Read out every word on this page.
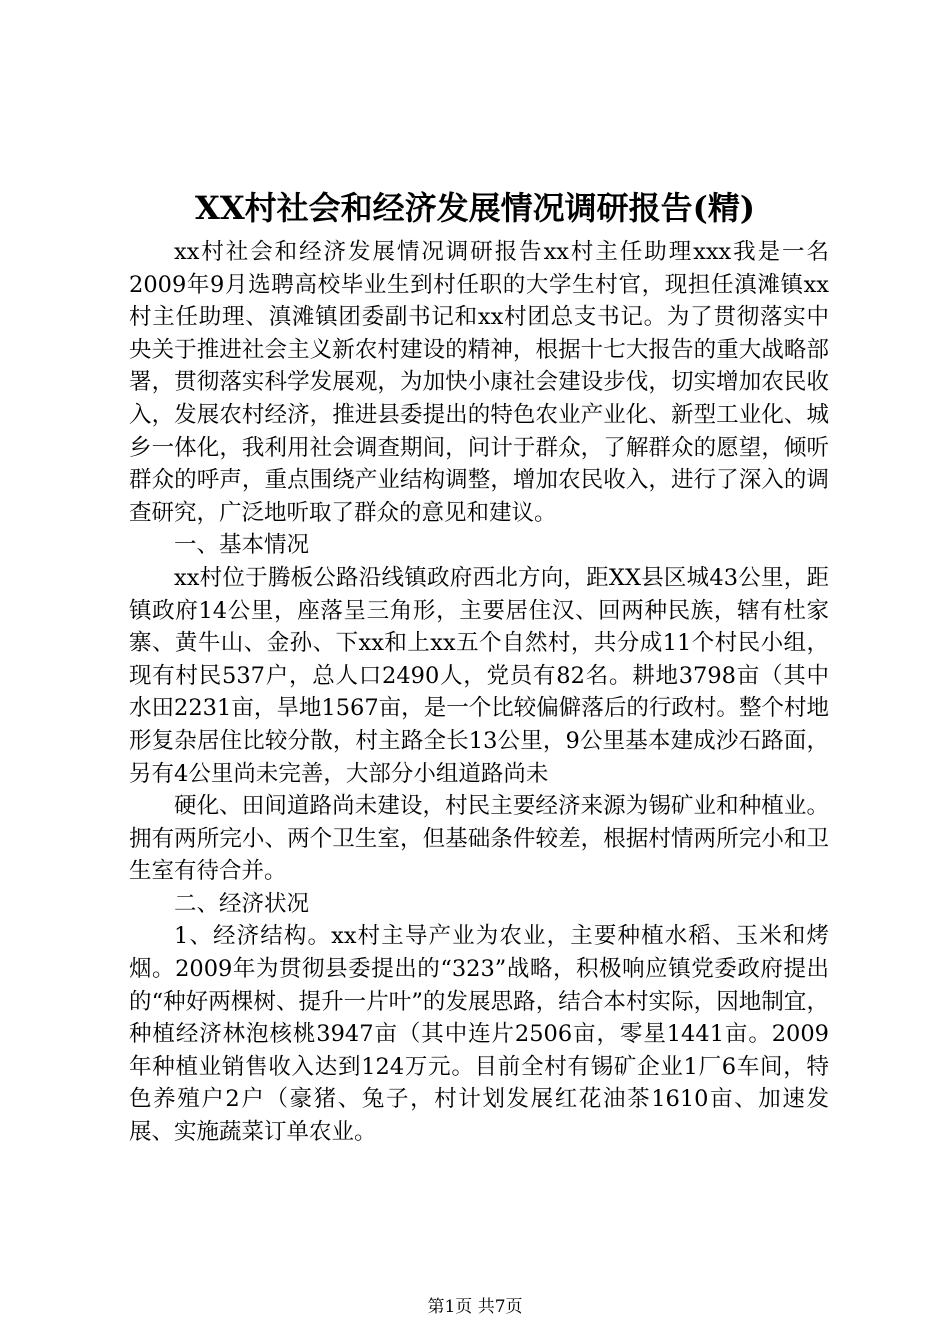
XX村社会和经济发展情况调研报告(精)

xx村社会和经济发展情况调研报告xx村主任助理xxx我是一名2009年9月选聘高校毕业生到村任职的大学生村官，现担任滇滩镇xx村主任助理、滇滩镇团委副书记和xx村团总支书记。为了贯彻落实中央关于推进社会主义新农村建设的精神，根据十七大报告的重大战略部署，贯彻落实科学发展观，为加快小康社会建设步伐，切实增加农民收入，发展农村经济，推进县委提出的特色农业产业化、新型工业化、城乡一体化，我利用社会调查期间，问计于群众，了解群众的愿望，倾听群众的呼声，重点围绕产业结构调整，增加农民收入，进行了深入的调查研究，广泛地听取了群众的意见和建议。

一、基本情况

xx村位于腾板公路沿线镇政府西北方向，距XX县区城43公里，距镇政府14公里，座落呈三角形，主要居住汉、回两种民族，辖有杜家寨、黄牛山、金孙、下xx和上xx五个自然村，共分成11个村民小组，现有村民537户，总人口2490人，党员有82名。耕地3798亩（其中水田2231亩，旱地1567亩，是一个比较偏僻落后的行政村。整个村地形复杂居住比较分散，村主路全长13公里，9公里基本建成沙石路面，另有4公里尚未完善，大部分小组道路尚未

硬化、田间道路尚未建设，村民主要经济来源为锡矿业和种植业。拥有两所完小、两个卫生室，但基础条件较差，根据村情两所完小和卫生室有待合并。

二、经济状况

1、经济结构。xx村主导产业为农业，主要种植水稻、玉米和烤烟。2009年为贯彻县委提出的“323”战略，积极响应镇党委政府提出的“种好两棵树、提升一片叶”的发展思路，结合本村实际，因地制宜，种植经济林泡核桃3947亩（其中连片2506亩，零星1441亩。2009年种植业销售收入达到124万元。目前全村有锡矿企业1厂6车间，特色养殖户2户（豪猪、兔子，村计划发展红花油茶1610亩、加速发展、实施蔬菜订单农业。

第1页 共7页
